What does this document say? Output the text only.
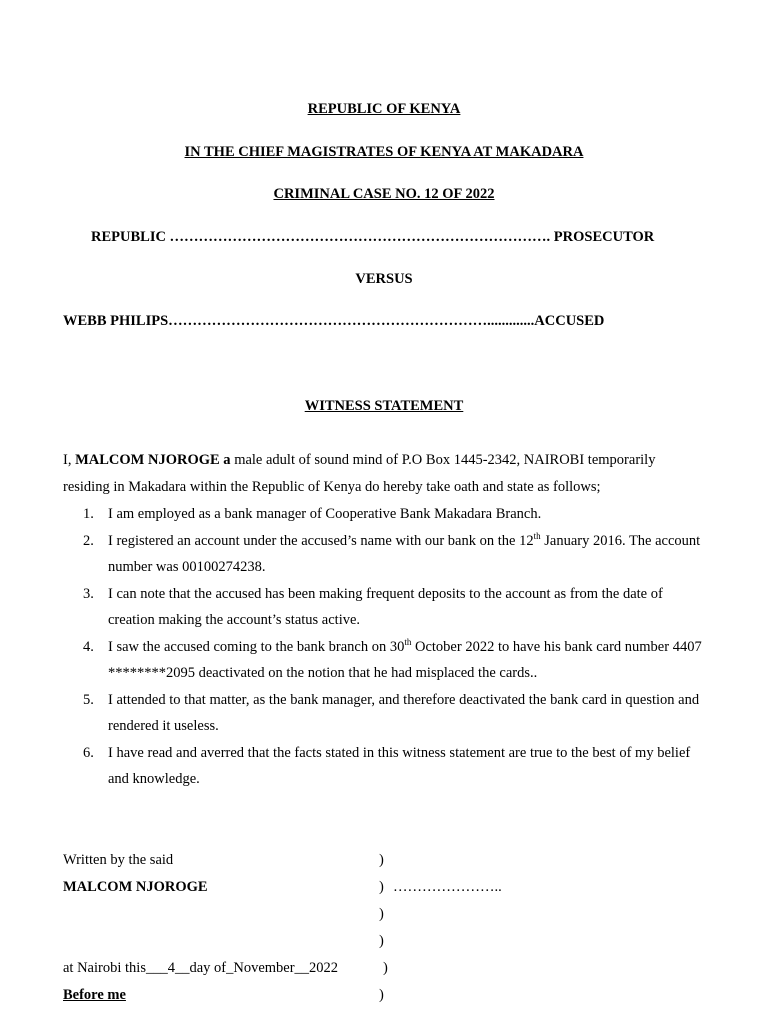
REPUBLIC OF KENYA
IN THE CHIEF MAGISTRATES OF KENYA AT MAKADARA
CRIMINAL CASE NO. 12 OF 2022
REPUBLIC ……………………………………………………………………. PROSECUTOR
VERSUS
WEBB PHILIPS………………………………………………………….............ACCUSED
WITNESS STATEMENT
I, MALCOM NJOROGE a male adult of sound mind of P.O Box 1445-2342, NAIROBI temporarily residing in Makadara within the Republic of Kenya do hereby take oath and state as follows;
1. I am employed as a bank manager of Cooperative Bank Makadara Branch.
2. I registered an account under the accused’s name with our bank on the 12th January 2016. The account number was 00100274238.
3. I can note that the accused has been making frequent deposits to the account as from the date of creation making the account’s status active.
4. I saw the accused coming to the bank branch on 30th October 2022 to have his bank card number 4407 ********2095 deactivated on the notion that he had misplaced the cards..
5. I attended to that matter, as the bank manager, and therefore deactivated the bank card in question and rendered it useless.
6. I have read and averred that the facts stated in this witness statement are true to the best of my belief and knowledge.
Written by the said	)
MALCOM NJOROGE	) …………………..
)
)
at Nairobi this___4__day of_November__2022	)
Before me	)
